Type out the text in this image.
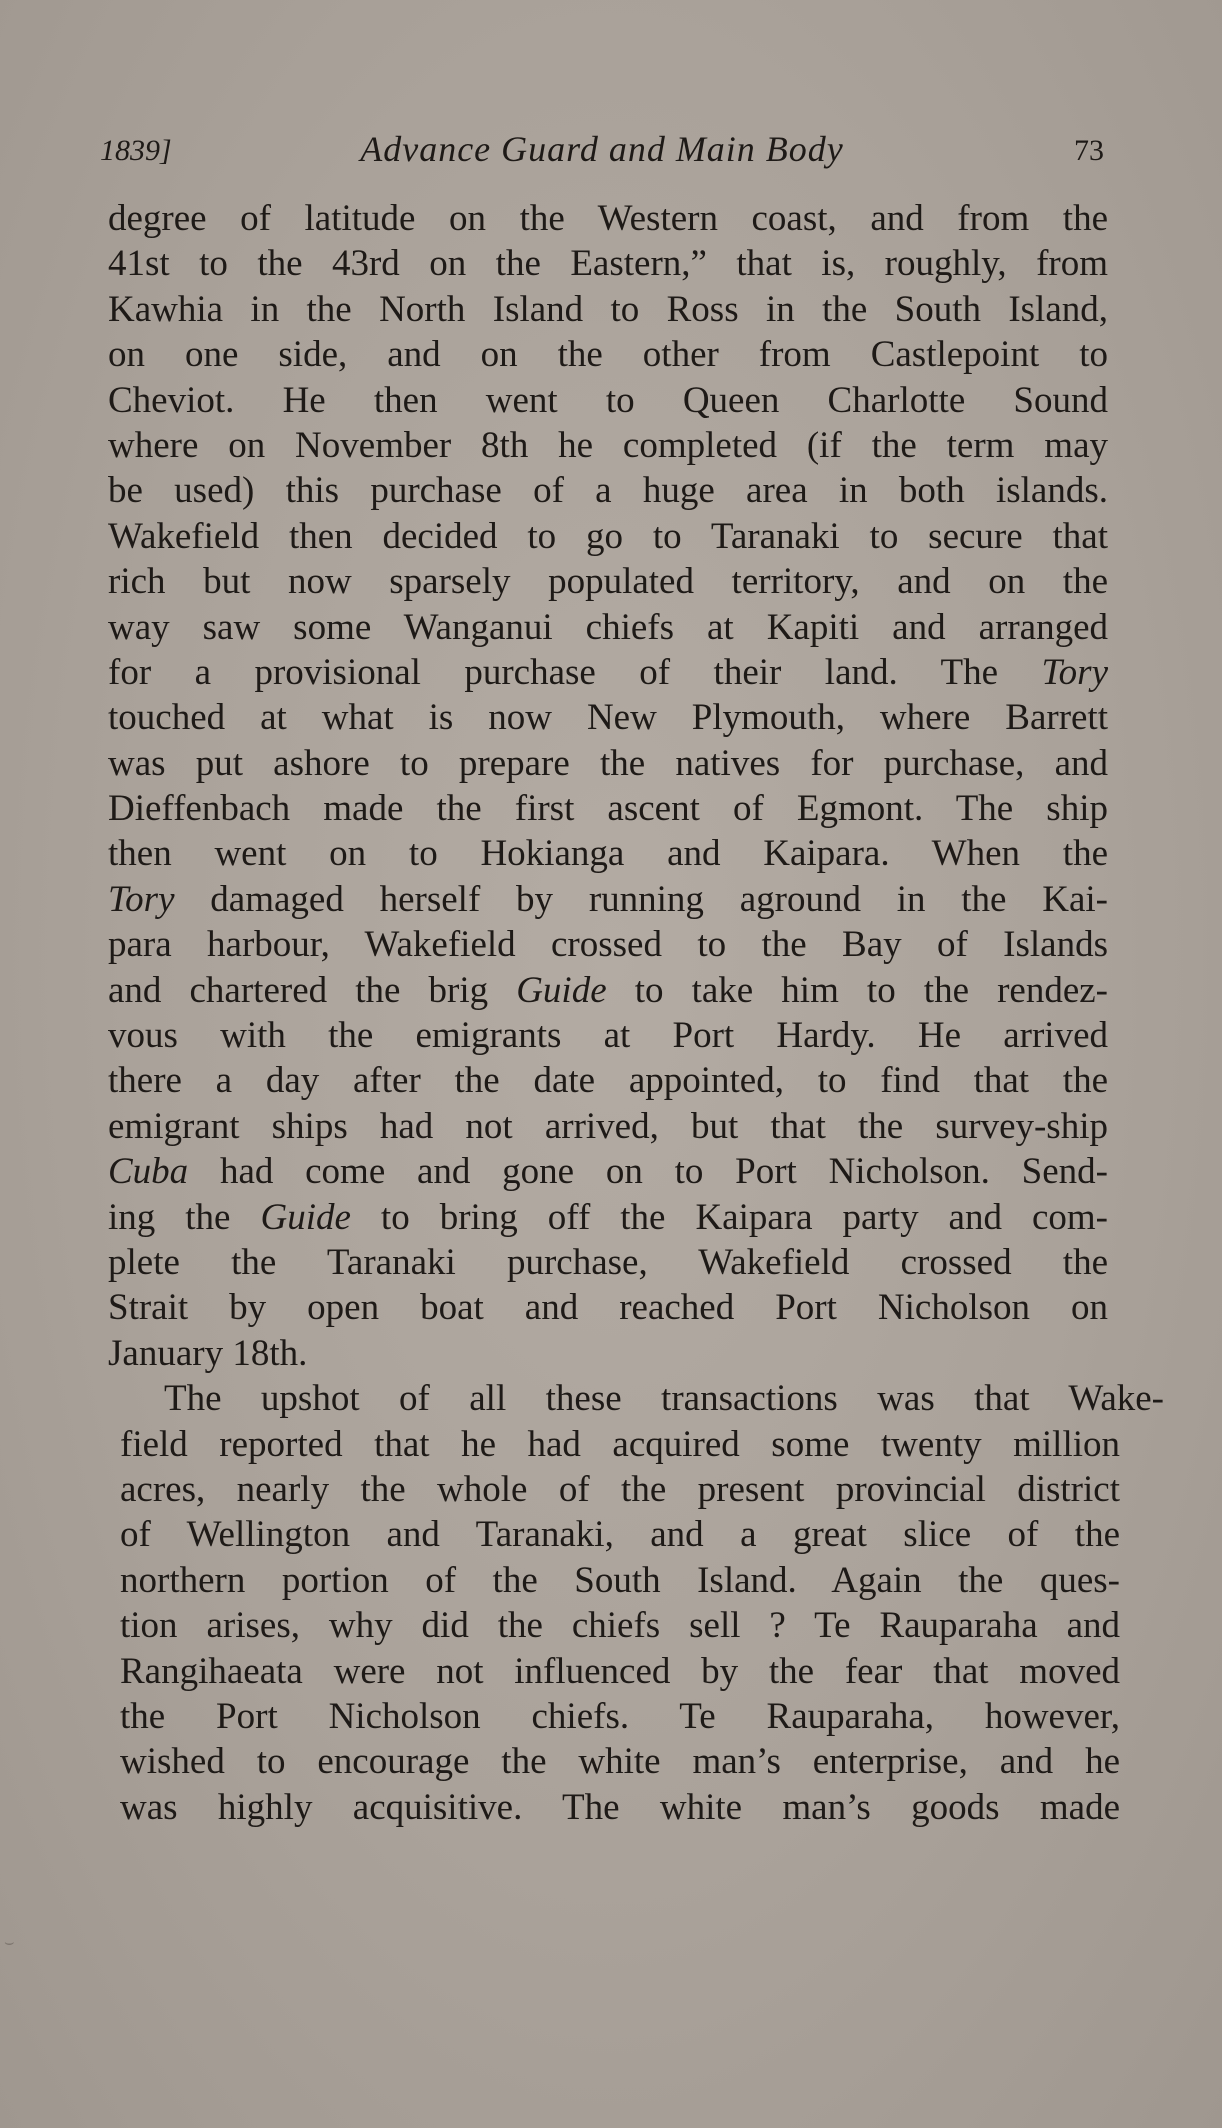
1839]	Advance Guard and Main Body	73
degree of latitude on the Western coast, and from the
41st to the 43rd on the Eastern,” that is, roughly, from
Kawhia in the North Island to Ross in the South Island,
on one side, and on the other from Castlepoint to
Cheviot. He then went to Queen Charlotte Sound
where on November 8th he completed (if the term may
be used) this purchase of a huge area in both islands.
Wakefield then decided to go to Taranaki to secure that
rich but now sparsely populated territory, and on the
way saw some Wanganui chiefs at Kapiti and arranged
for a provisional purchase of their land. The Tory
touched at what is now New Plymouth, where Barrett
was put ashore to prepare the natives for purchase, and
Dieffenbach made the first ascent of Egmont. The ship
then went on to Hokianga and Kaipara. When the
Tory damaged herself by running aground in the Kai-
para harbour, Wakefield crossed to the Bay of Islands
and chartered the brig Guide to take him to the rendez-
vous with the emigrants at Port Hardy. He arrived
there a day after the date appointed, to find that the
emigrant ships had not arrived, but that the survey-ship
Cuba had come and gone on to Port Nicholson. Send-
ing the Guide to bring off the Kaipara party and com-
plete the Taranaki purchase, Wakefield crossed the
Strait by open boat and reached Port Nicholson on
January 18th.
The upshot of all these transactions was that Wake-
field reported that he had acquired some twenty million
acres, nearly the whole of the present provincial district
of Wellington and Taranaki, and a great slice of the
northern portion of the South Island. Again the ques-
tion arises, why did the chiefs sell ? Te Rauparaha and
Rangihaeata were not influenced by the fear that moved
the Port Nicholson chiefs. Te Rauparaha, however,
wished to encourage the white man’s enterprise, and he
was highly acquisitive. The white man’s goods made
⌣
